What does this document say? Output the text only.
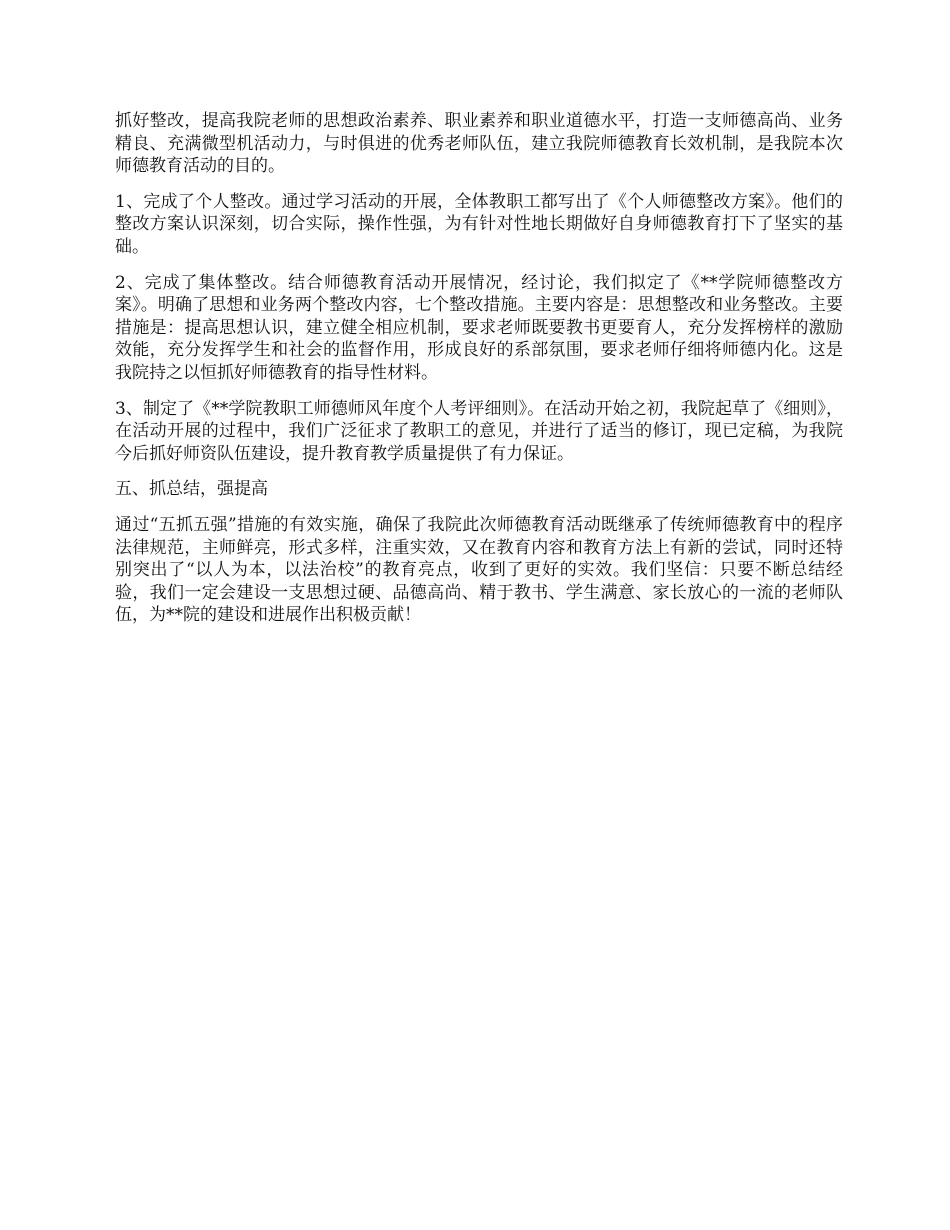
抓好整改，提高我院老师的思想政治素养、职业素养和职业道德水平，打造一支师德高尚、业务精良、充满微型机活动力，与时俱进的优秀老师队伍，建立我院师德教育长效机制，是我院本次师德教育活动的目的。

1、完成了个人整改。通过学习活动的开展，全体教职工都写出了《个人师德整改方案》。他们的整改方案认识深刻，切合实际，操作性强，为有针对性地长期做好自身师德教育打下了坚实的基础。

2、完成了集体整改。结合师德教育活动开展情况，经讨论，我们拟定了《**学院师德整改方案》。明确了思想和业务两个整改内容，七个整改措施。主要内容是：思想整改和业务整改。主要措施是：提高思想认识，建立健全相应机制，要求老师既要教书更要育人，充分发挥榜样的激励效能，充分发挥学生和社会的监督作用，形成良好的系部氛围，要求老师仔细将师德内化。这是我院持之以恒抓好师德教育的指导性材料。

3、制定了《**学院教职工师德师风年度个人考评细则》。在活动开始之初，我院起草了《细则》，在活动开展的过程中，我们广泛征求了教职工的意见，并进行了适当的修订，现已定稿，为我院今后抓好师资队伍建设，提升教育教学质量提供了有力保证。

五、抓总结，强提高

通过“五抓五强”措施的有效实施，确保了我院此次师德教育活动既继承了传统师德教育中的程序法律规范，主师鲜亮，形式多样，注重实效，又在教育内容和教育方法上有新的尝试，同时还特别突出了“以人为本，以法治校”的教育亮点，收到了更好的实效。我们坚信：只要不断总结经验，我们一定会建设一支思想过硬、品德高尚、精于教书、学生满意、家长放心的一流的老师队伍，为**院的建设和进展作出积极贡献！
